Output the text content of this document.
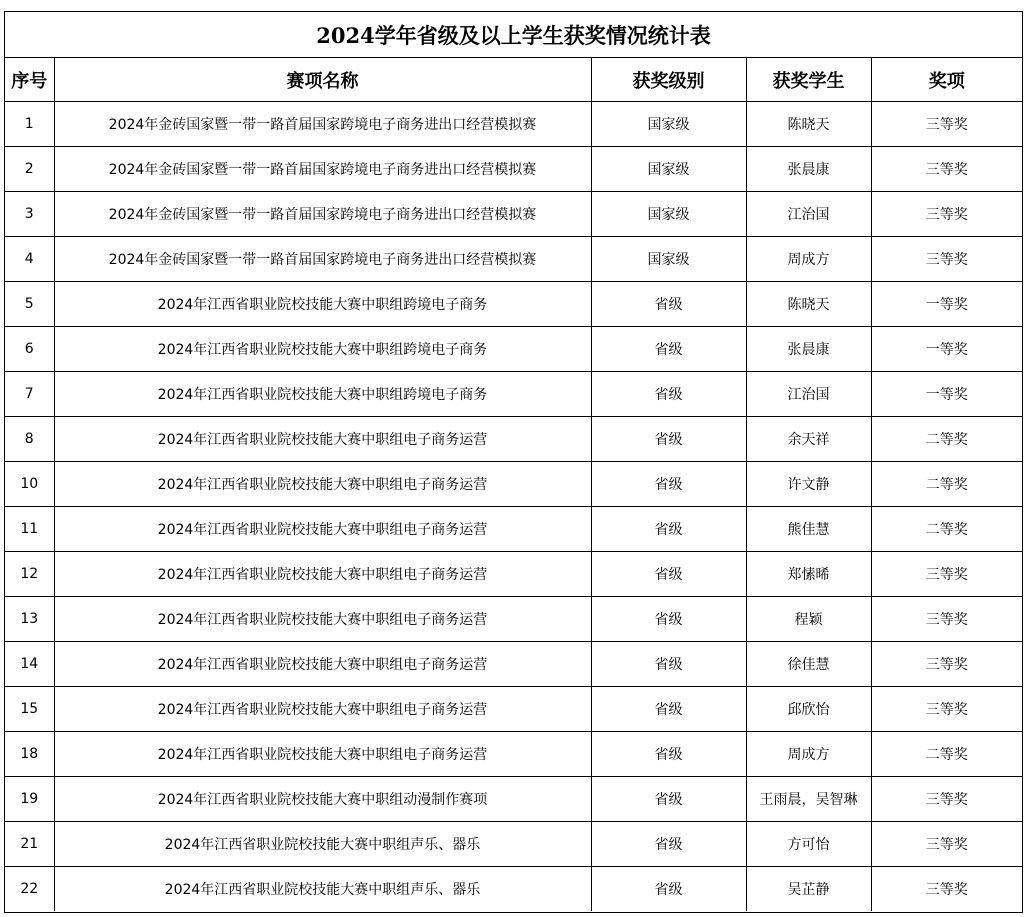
2024学年省级及以上学生获奖情况统计表
序号	赛项名称	获奖级别	获奖学生	奖项
1	2024年金砖国家暨一带一路首届国家跨境电子商务进出口经营模拟赛	国家级	陈晓天	三等奖
2	2024年金砖国家暨一带一路首届国家跨境电子商务进出口经营模拟赛	国家级	张晨康	三等奖
3	2024年金砖国家暨一带一路首届国家跨境电子商务进出口经营模拟赛	国家级	江治国	三等奖
4	2024年金砖国家暨一带一路首届国家跨境电子商务进出口经营模拟赛	国家级	周成方	三等奖
5	2024年江西省职业院校技能大赛中职组跨境电子商务	省级	陈晓天	一等奖
6	2024年江西省职业院校技能大赛中职组跨境电子商务	省级	张晨康	一等奖
7	2024年江西省职业院校技能大赛中职组跨境电子商务	省级	江治国	一等奖
8	2024年江西省职业院校技能大赛中职组电子商务运营	省级	余天祥	二等奖
10	2024年江西省职业院校技能大赛中职组电子商务运营	省级	许文静	二等奖
11	2024年江西省职业院校技能大赛中职组电子商务运营	省级	熊佳慧	二等奖
12	2024年江西省职业院校技能大赛中职组电子商务运营	省级	郑愫晞	三等奖
13	2024年江西省职业院校技能大赛中职组电子商务运营	省级	程颖	三等奖
14	2024年江西省职业院校技能大赛中职组电子商务运营	省级	徐佳慧	三等奖
15	2024年江西省职业院校技能大赛中职组电子商务运营	省级	邱欣怡	三等奖
18	2024年江西省职业院校技能大赛中职组电子商务运营	省级	周成方	二等奖
19	2024年江西省职业院校技能大赛中职组动漫制作赛项	省级	王雨晨，吴智琳	三等奖
21	2024年江西省职业院校技能大赛中职组声乐、器乐	省级	方可怡	三等奖
22	2024年江西省职业院校技能大赛中职组声乐、器乐	省级	吴芷静	三等奖
